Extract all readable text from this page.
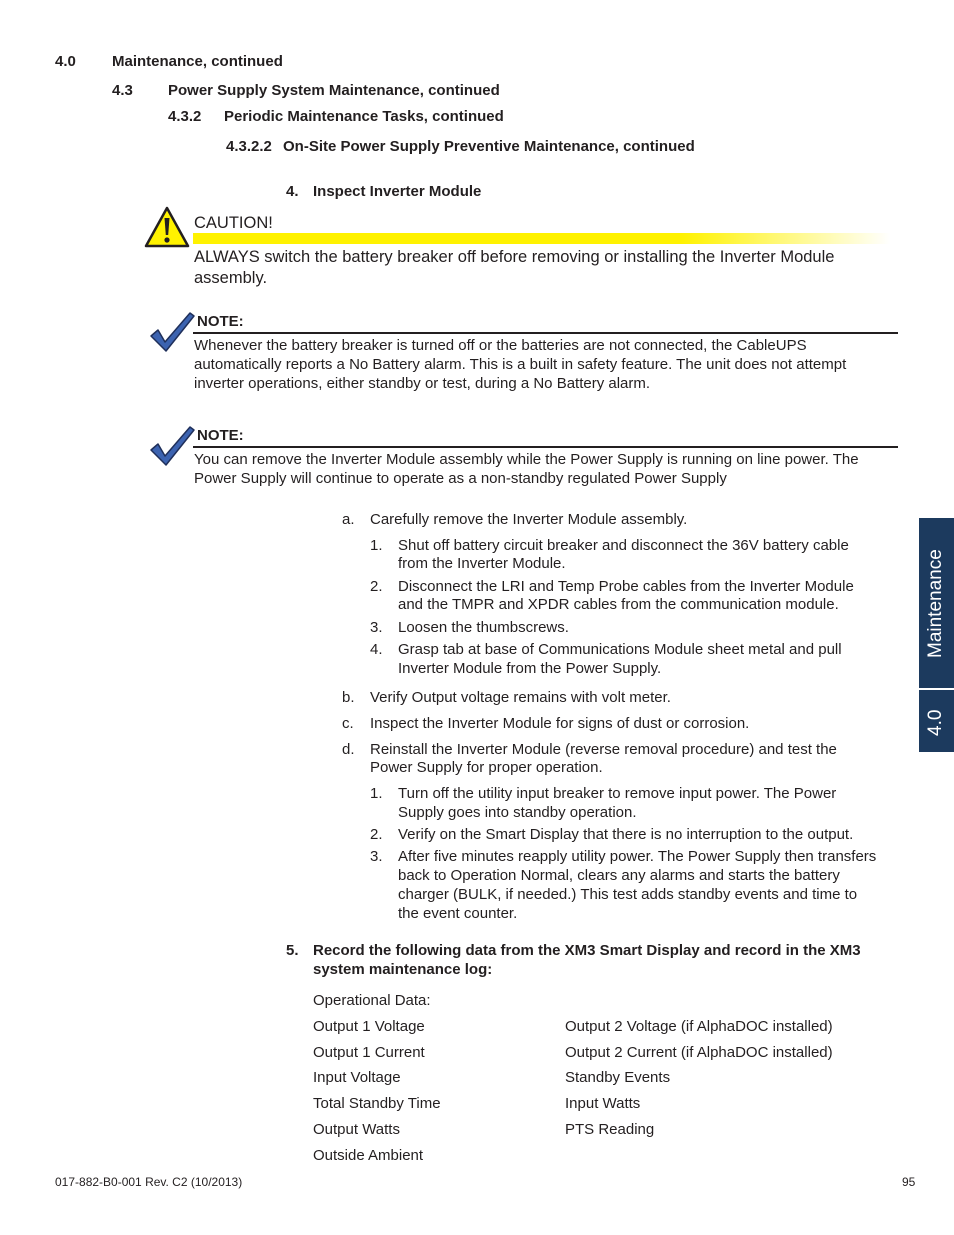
4.0 Maintenance, continued
4.3 Power Supply System Maintenance, continued
4.3.2 Periodic Maintenance Tasks, continued
4.3.2.2 On-Site Power Supply Preventive Maintenance, continued
4. Inspect Inverter Module
CAUTION!
ALWAYS switch the battery breaker off before removing or installing the Inverter Module
assembly.
NOTE:
Whenever the battery breaker is turned off or the batteries are not connected, the CableUPS
automatically reports a No Battery alarm. This is a built in safety feature. The unit does not attempt
inverter operations, either standby or test, during a No Battery alarm.
NOTE:
You can remove the Inverter Module assembly while the Power Supply is running on line power. The
Power Supply will continue to operate as a non-standby regulated Power Supply
a. Carefully remove the Inverter Module assembly.
1. Shut off battery circuit breaker and disconnect the 36V battery cable
from the Inverter Module.
2. Disconnect the LRI and Temp Probe cables from the Inverter Module
and the TMPR and XPDR cables from the communication module.
3. Loosen the thumbscrews.
4. Grasp tab at base of Communications Module sheet metal and pull
Inverter Module from the Power Supply.
b. Verify Output voltage remains with volt meter.
c. Inspect the Inverter Module for signs of dust or corrosion.
d. Reinstall the Inverter Module (reverse removal procedure) and test the
Power Supply for proper operation.
1. Turn off the utility input breaker to remove input power. The Power
Supply goes into standby operation.
2. Verify on the Smart Display that there is no interruption to the output.
3. After five minutes reapply utility power. The Power Supply then transfers
back to Operation Normal, clears any alarms and starts the battery
charger (BULK, if needed.) This test adds standby events and time to
the event counter.
5. Record the following data from the XM3 Smart Display and record in the XM3
system maintenance log:
Operational Data:
Output 1 Voltage
Output 1 Current
Input Voltage
Total Standby Time
Output Watts
Outside Ambient
Output 2 Voltage (if AlphaDOC installed)
Output 2 Current (if AlphaDOC installed)
Standby Events
Input Watts
PTS Reading
Maintenance
4.0
017-882-B0-001 Rev. C2 (10/2013)	95
